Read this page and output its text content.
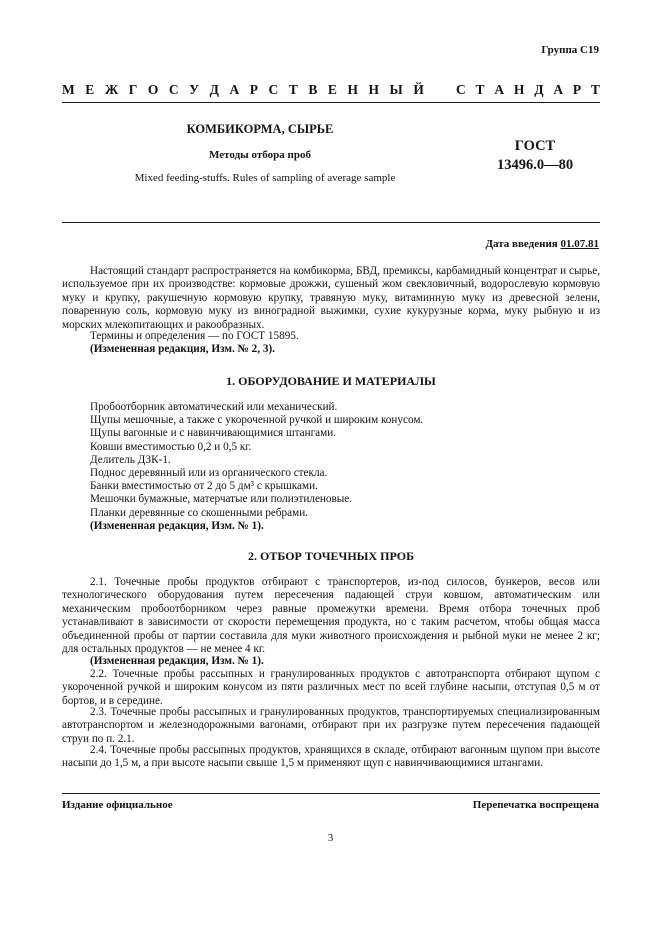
Группа С19
М Е Ж Г О С У Д А Р С Т В Е Н Н Ы Й С Т А Н Д А Р Т
КОМБИКОРМА, СЫРЬЕ
Методы отбора проб
Mixed feeding-stuffs. Rules of sampling of average sample
ГОСТ
13496.0—80
Дата введения 01.07.81
Настоящий стандарт распространяется на комбикорма, БВД, премиксы, карбамидный концентрат и сырье, используемое при их производстве: кормовые дрожжи, сушеный жом свекловичный, водорослевую кормовую муку и крупку, ракушечную кормовую крупку, травяную муку, витаминную муку из древесной зелени, поваренную соль, кормовую муку из виноградной выжимки, сухие кукурузные корма, муку рыбную и из морских млекопитающих и ракообразных.
Термины и определения — по ГОСТ 15895.
(Измененная редакция, Изм. № 2, 3).
1. ОБОРУДОВАНИЕ И МАТЕРИАЛЫ
Пробоотборник автоматический или механический.
Щупы мешочные, а также с укороченной ручкой и широким конусом.
Щупы вагонные и с навинчивающимися штангами.
Ковши вместимостью 0,2 и 0,5 кг.
Делитель ДЗК-1.
Поднос деревянный или из органического стекла.
Банки вместимостью от 2 до 5 дм³ с крышками.
Мешочки бумажные, матерчатые или полиэтиленовые.
Планки деревянные со скошенными ребрами.
(Измененная редакция, Изм. № 1).
2. ОТБОР ТОЧЕЧНЫХ ПРОБ
2.1. Точечные пробы продуктов отбирают с транспортеров, из-под силосов, бункеров, весов или технологического оборудования путем пересечения падающей струи ковшом, автоматическим или механическим пробоотборником через равные промежутки времени. Время отбора точечных проб устанавливают в зависимости от скорости перемещения продукта, но с таким расчетом, чтобы общая масса объединенной пробы от партии составила для муки животного происхождения и рыбной муки не менее 2 кг; для остальных продуктов — не менее 4 кг.
(Измененная редакция, Изм. № 1).
2.2. Точечные пробы рассыпных и гранулированных продуктов с автотранспорта отбирают щупом с укороченной ручкой и широким конусом из пяти различных мест по всей глубине насыпи, отступая 0,5 м от бортов, и в середине.
2.3. Точечные пробы рассыпных и гранулированных продуктов, транспортируемых специализированным автотранспортом и железнодорожными вагонами, отбирают при их разгрузке путем пересечения падающей струи по п. 2.1.
2.4. Точечные пробы рассыпных продуктов, хранящихся в складе, отбирают вагонным щупом при высоте насыпи до 1,5 м, а при высоте насыпи свыше 1,5 м применяют щуп с навинчивающимися штангами.
Издание официальное	Перепечатка воспрещена
3
